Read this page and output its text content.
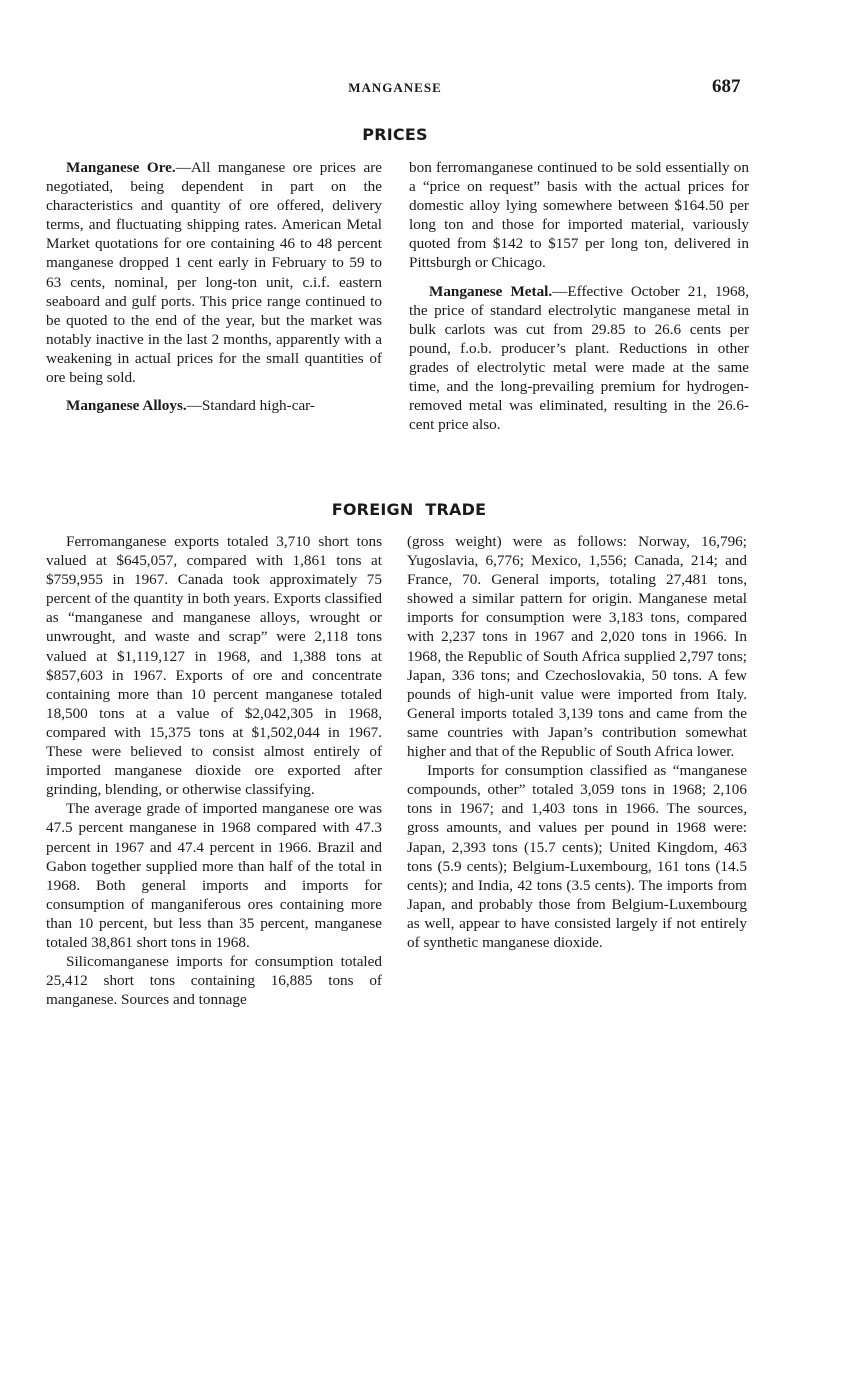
MANGANESE	687
PRICES

Manganese Ore.—All manganese ore prices are negotiated, being dependent in part on the characteristics and quantity of ore offered, delivery terms, and fluctuating shipping rates. American Metal Market quotations for ore containing 46 to 48 percent manganese dropped 1 cent early in February to 59 to 63 cents, nominal, per long-ton unit, c.i.f. eastern seaboard and gulf ports. This price range continued to be quoted to the end of the year, but the market was notably inactive in the last 2 months, apparently with a weakening in actual prices for the small quantities of ore being sold.

Manganese Alloys.—Standard high-car-

bon ferromanganese continued to be sold essentially on a “price on request” basis with the actual prices for domestic alloy lying somewhere between $164.50 per long ton and those for imported material, variously quoted from $142 to $157 per long ton, delivered in Pittsburgh or Chicago.

Manganese Metal.—Effective October 21, 1968, the price of standard electrolytic manganese metal in bulk carlots was cut from 29.85 to 26.6 cents per pound, f.o.b. producer’s plant. Reductions in other grades of electrolytic metal were made at the same time, and the long-prevailing premium for hydrogen-removed metal was eliminated, resulting in the 26.6-cent price also.

FOREIGN TRADE

Ferromanganese exports totaled 3,710 short tons valued at $645,057, compared with 1,861 tons at $759,955 in 1967. Canada took approximately 75 percent of the quantity in both years. Exports classified as “manganese and manganese alloys, wrought or unwrought, and waste and scrap” were 2,118 tons valued at $1,119,127 in 1968, and 1,388 tons at $857,603 in 1967. Exports of ore and concentrate containing more than 10 percent manganese totaled 18,500 tons at a value of $2,042,305 in 1968, compared with 15,375 tons at $1,502,044 in 1967. These were believed to consist almost entirely of imported manganese dioxide ore exported after grinding, blending, or otherwise classifying.

The average grade of imported manganese ore was 47.5 percent manganese in 1968 compared with 47.3 percent in 1967 and 47.4 percent in 1966. Brazil and Gabon together supplied more than half of the total in 1968. Both general imports and imports for consumption of manganiferous ores containing more than 10 percent, but less than 35 percent, manganese totaled 38,861 short tons in 1968.

Silicomanganese imports for consumption totaled 25,412 short tons containing 16,885 tons of manganese. Sources and tonnage

(gross weight) were as follows: Norway, 16,796; Yugoslavia, 6,776; Mexico, 1,556; Canada, 214; and France, 70. General imports, totaling 27,481 tons, showed a similar pattern for origin. Manganese metal imports for consumption were 3,183 tons, compared with 2,237 tons in 1967 and 2,020 tons in 1966. In 1968, the Republic of South Africa supplied 2,797 tons; Japan, 336 tons; and Czechoslovakia, 50 tons. A few pounds of high-unit value were imported from Italy. General imports totaled 3,139 tons and came from the same countries with Japan’s contribution somewhat higher and that of the Republic of South Africa lower.

Imports for consumption classified as “manganese compounds, other” totaled 3,059 tons in 1968; 2,106 tons in 1967; and 1,403 tons in 1966. The sources, gross amounts, and values per pound in 1968 were: Japan, 2,393 tons (15.7 cents); United Kingdom, 463 tons (5.9 cents); Belgium-Luxembourg, 161 tons (14.5 cents); and India, 42 tons (3.5 cents). The imports from Japan, and probably those from Belgium-Luxembourg as well, appear to have consisted largely if not entirely of synthetic manganese dioxide.
